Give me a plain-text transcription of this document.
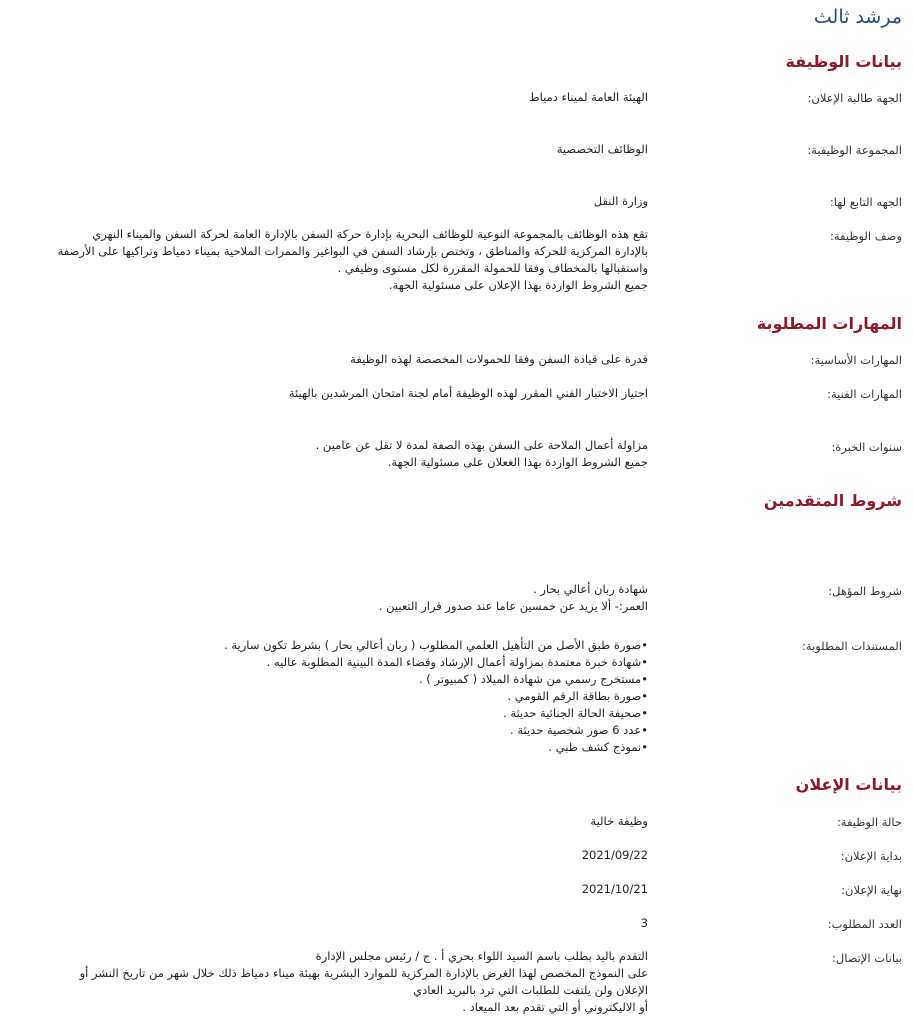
مرشد ثالث
بيانات الوظيفة
الجهة طالبة الإعلان:
الهيئة العامة لميناء دمياط
المجموعة الوظيفية:
الوظائف التخصصية
الجهه التابع لها:
وزارة النقل
وصف الوظيفة:
تقع هذه الوظائف بالمجموعة النوعية للوظائف البحرية بإدارة حركة السفن بالإدارة العامة لحركة السفن والميناء النهري
بالإدارة المركزية للحركة والمناطق ، وتختص بإرشاد السفن في البواغيز والممرات الملاحية بميناء دمياط وتراكيها على الأرصفة
واستقبالها بالمخطاف وفقا للحمولة المقررة لكل مستوى وظيفي .
جميع الشروط الواردة بهذا الإعلان على مسئولية الجهة.
المهارات المطلوبة
المهارات الأساسية:
قدرة على قيادة السفن وفقا للحمولات المخصصة لهذه الوظيفة
المهارات الفنية:
اجتياز الاختبار الفني المقرر لهذه الوظيفة أمام لجنة امتحان المرشدين بالهيئة
سنوات الخبرة:
مزاولة أعمال الملاحة على السفن بهذه الصفة لمدة لا تقل عن عامين .
جميع الشروط الواردة بهذا الغعلان على مسئولية الجهة.
شروط المتقدمين
شروط المؤهل:
شهادة ربان أعالي بحار .
العمر:- ألا يزيد عن خمسين عاما عند صدور قرار التعيين .
المستندات المطلوبة:
•صورة طبق الأصل من التأهيل العلمي المطلوب ( ربان أعالي بحار ) بشرط تكون سارية .
•شهادة خبرة معتمدة بمزاولة أعمال الإرشاد وقضاء المدة البينية المطلوبة عاليه .
•مستخرج رسمي من شهادة الميلاد ( كمبيوتر ) .
•صورة بطاقة الرقم القومي .
•صحيفة الحالة الجنائية حديثة .
•عدد 6 صور شخصية حديثة .
•نموذج كشف طبي .
بيانات الإعلان
حالة الوظيفة:
وظيفة خالية
بداية الإعلان:
2021/09/22
نهاية الإعلان:
2021/10/21
العدد المطلوب:
3
بيانات الإتصال:
التقدم باليد بطلب باسم السيد اللواء بحري أ . ح / رئيس مجلس الإدارة
على النموذج المخصص لهذا الغرض بالإدارة المركزية للموارد البشرية بهيئة ميناء دمياط ذلك خلال شهر من تاريخ النشر أو
الإعلان ولن يلتفت للطلبات التي ترد بالبريد العادي
أو الاليكتروني أو التي تقدم بعد الميعاد .
